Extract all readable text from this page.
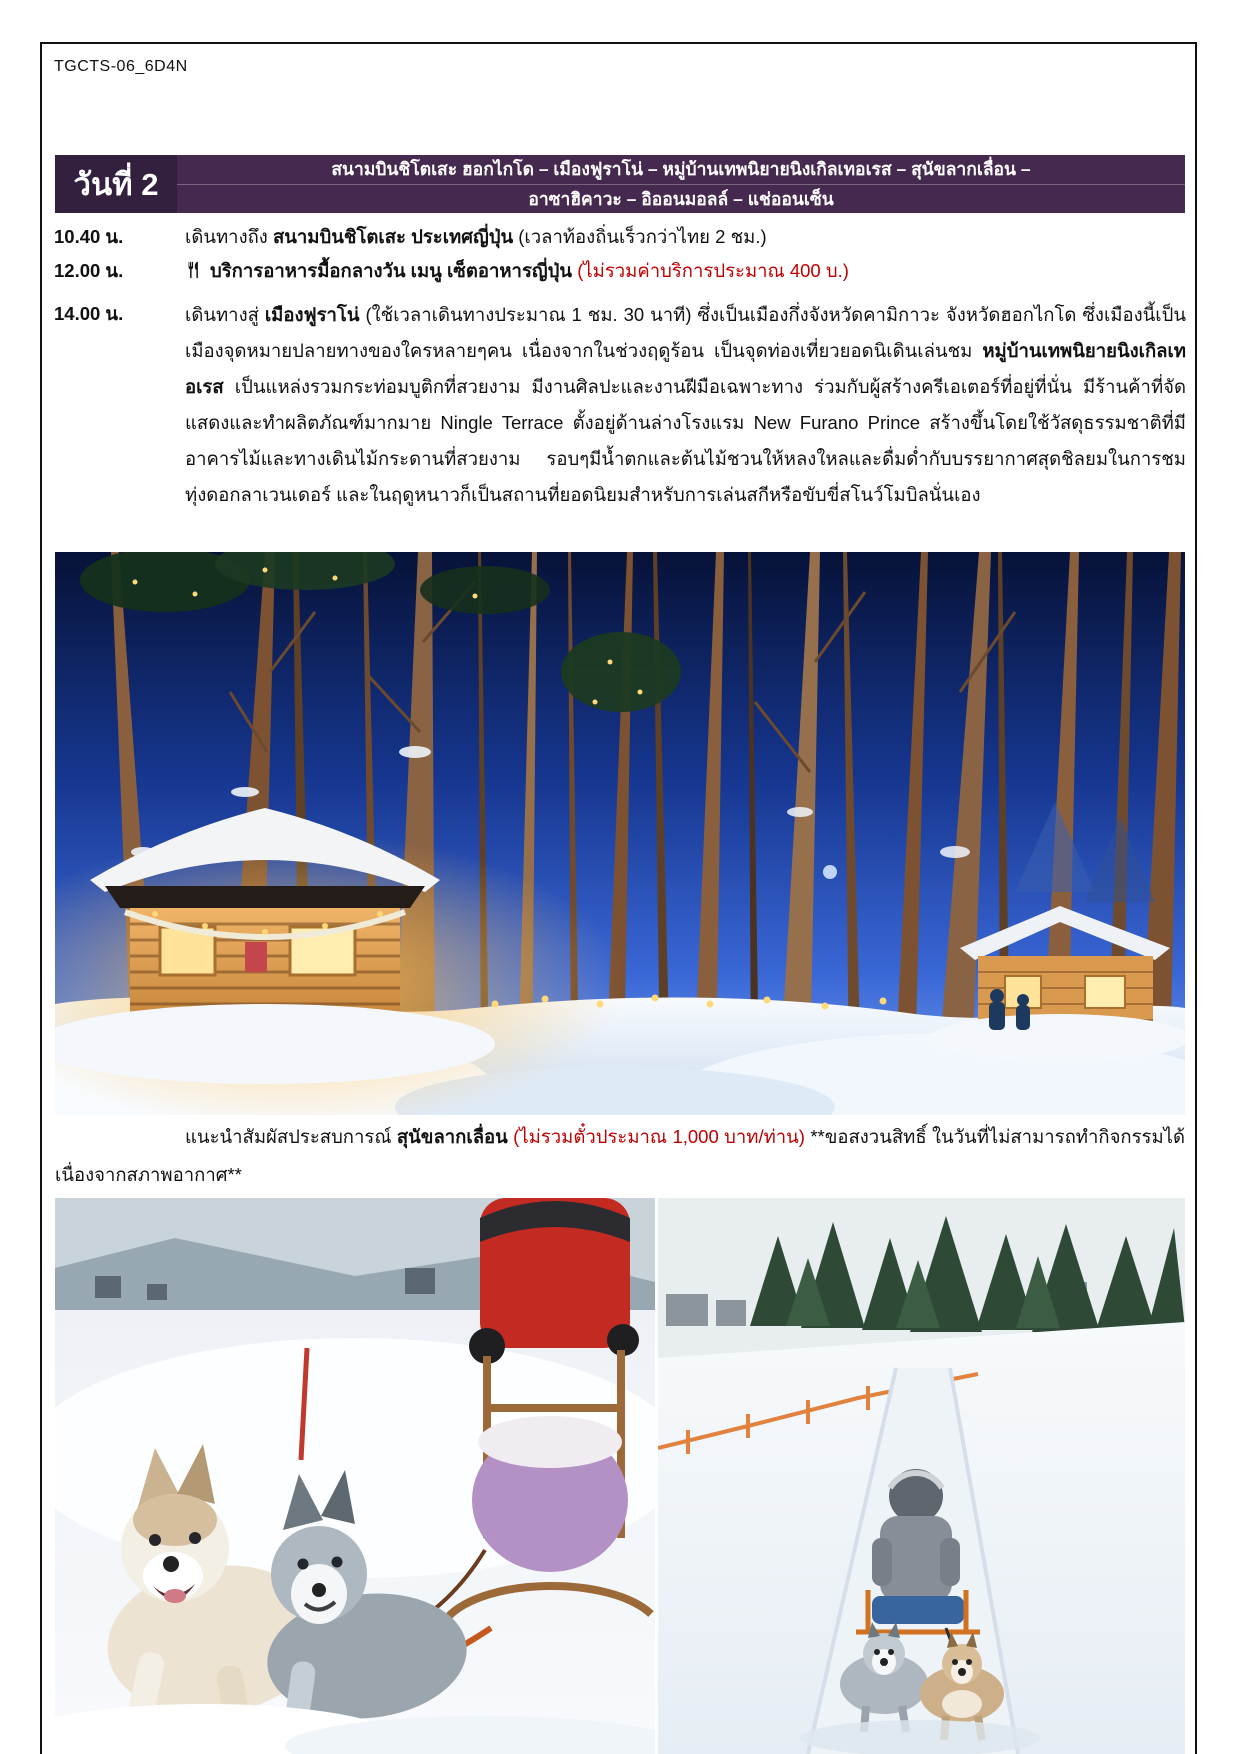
TGCTS-06_6D4N
วันที่ 2	สนามบินชิโตเสะ ฮอกไกโด – เมืองฟูราโน่ – หมู่บ้านเทพนิยายนิงเกิลเทอเรส – สุนัขลากเลื่อน –
อาซาฮิคาวะ – อิออนมอลล์ – แช่ออนเซ็น
10.40 น.	เดินทางถึง สนามบินชิโตเสะ ประเทศญี่ปุ่น (เวลาท้องถิ่นเร็วกว่าไทย 2 ชม.)
12.00 น.	บริการอาหารมื้อกลางวัน เมนู เซ็ตอาหารญี่ปุ่น (ไม่รวมค่าบริการประมาณ 400 บ.)
14.00 น.	เดินทางสู่ เมืองฟูราโน่ (ใช้เวลาเดินทางประมาณ 1 ชม. 30 นาที) ซึ่งเป็นเมืองกึ่งจังหวัดคามิกาวะ จังหวัดฮอกไกโด ซึ่งเมืองนี้เป็นเมืองจุดหมายปลายทางของใครหลายๆคน เนื่องจากในช่วงฤดูร้อน เป็นจุดท่องเที่ยวยอดนิเดินเล่นชม หมู่บ้านเทพนิยายนิงเกิลเทอเรส เป็นแหล่งรวมกระท่อมบูติกที่สวยงาม มีงานศิลปะและงานฝีมือเฉพาะทาง ร่วมกับผู้สร้างครีเอเตอร์ที่อยู่ที่นั่น มีร้านค้าที่จัดแสดงและทำผลิตภัณฑ์มากมาย Ningle Terrace ตั้งอยู่ด้านล่างโรงแรม New Furano Prince สร้างขึ้นโดยใช้วัสดุธรรมชาติที่มีอาคารไม้และทางเดินไม้กระดานที่สวยงาม รอบๆมีน้ำตกและต้นไม้ชวนให้หลงใหลและดื่มด่ำกับบรรยากาศสุดชิลยมในการชมทุ่งดอกลาเวนเดอร์ และในฤดูหนาวก็เป็นสถานที่ยอดนิยมสำหรับการเล่นสกีหรือขับขี่สโนว์โมบิลนั่นเอง

แนะนำสัมผัสประสบการณ์ สุนัขลากเลื่อน (ไม่รวมตั๋วประมาณ 1,000 บาท/ท่าน) **ขอสงวนสิทธิ์ ในวันที่ไม่สามารถทำกิจกรรมได้เนื่องจากสภาพอากาศ**
